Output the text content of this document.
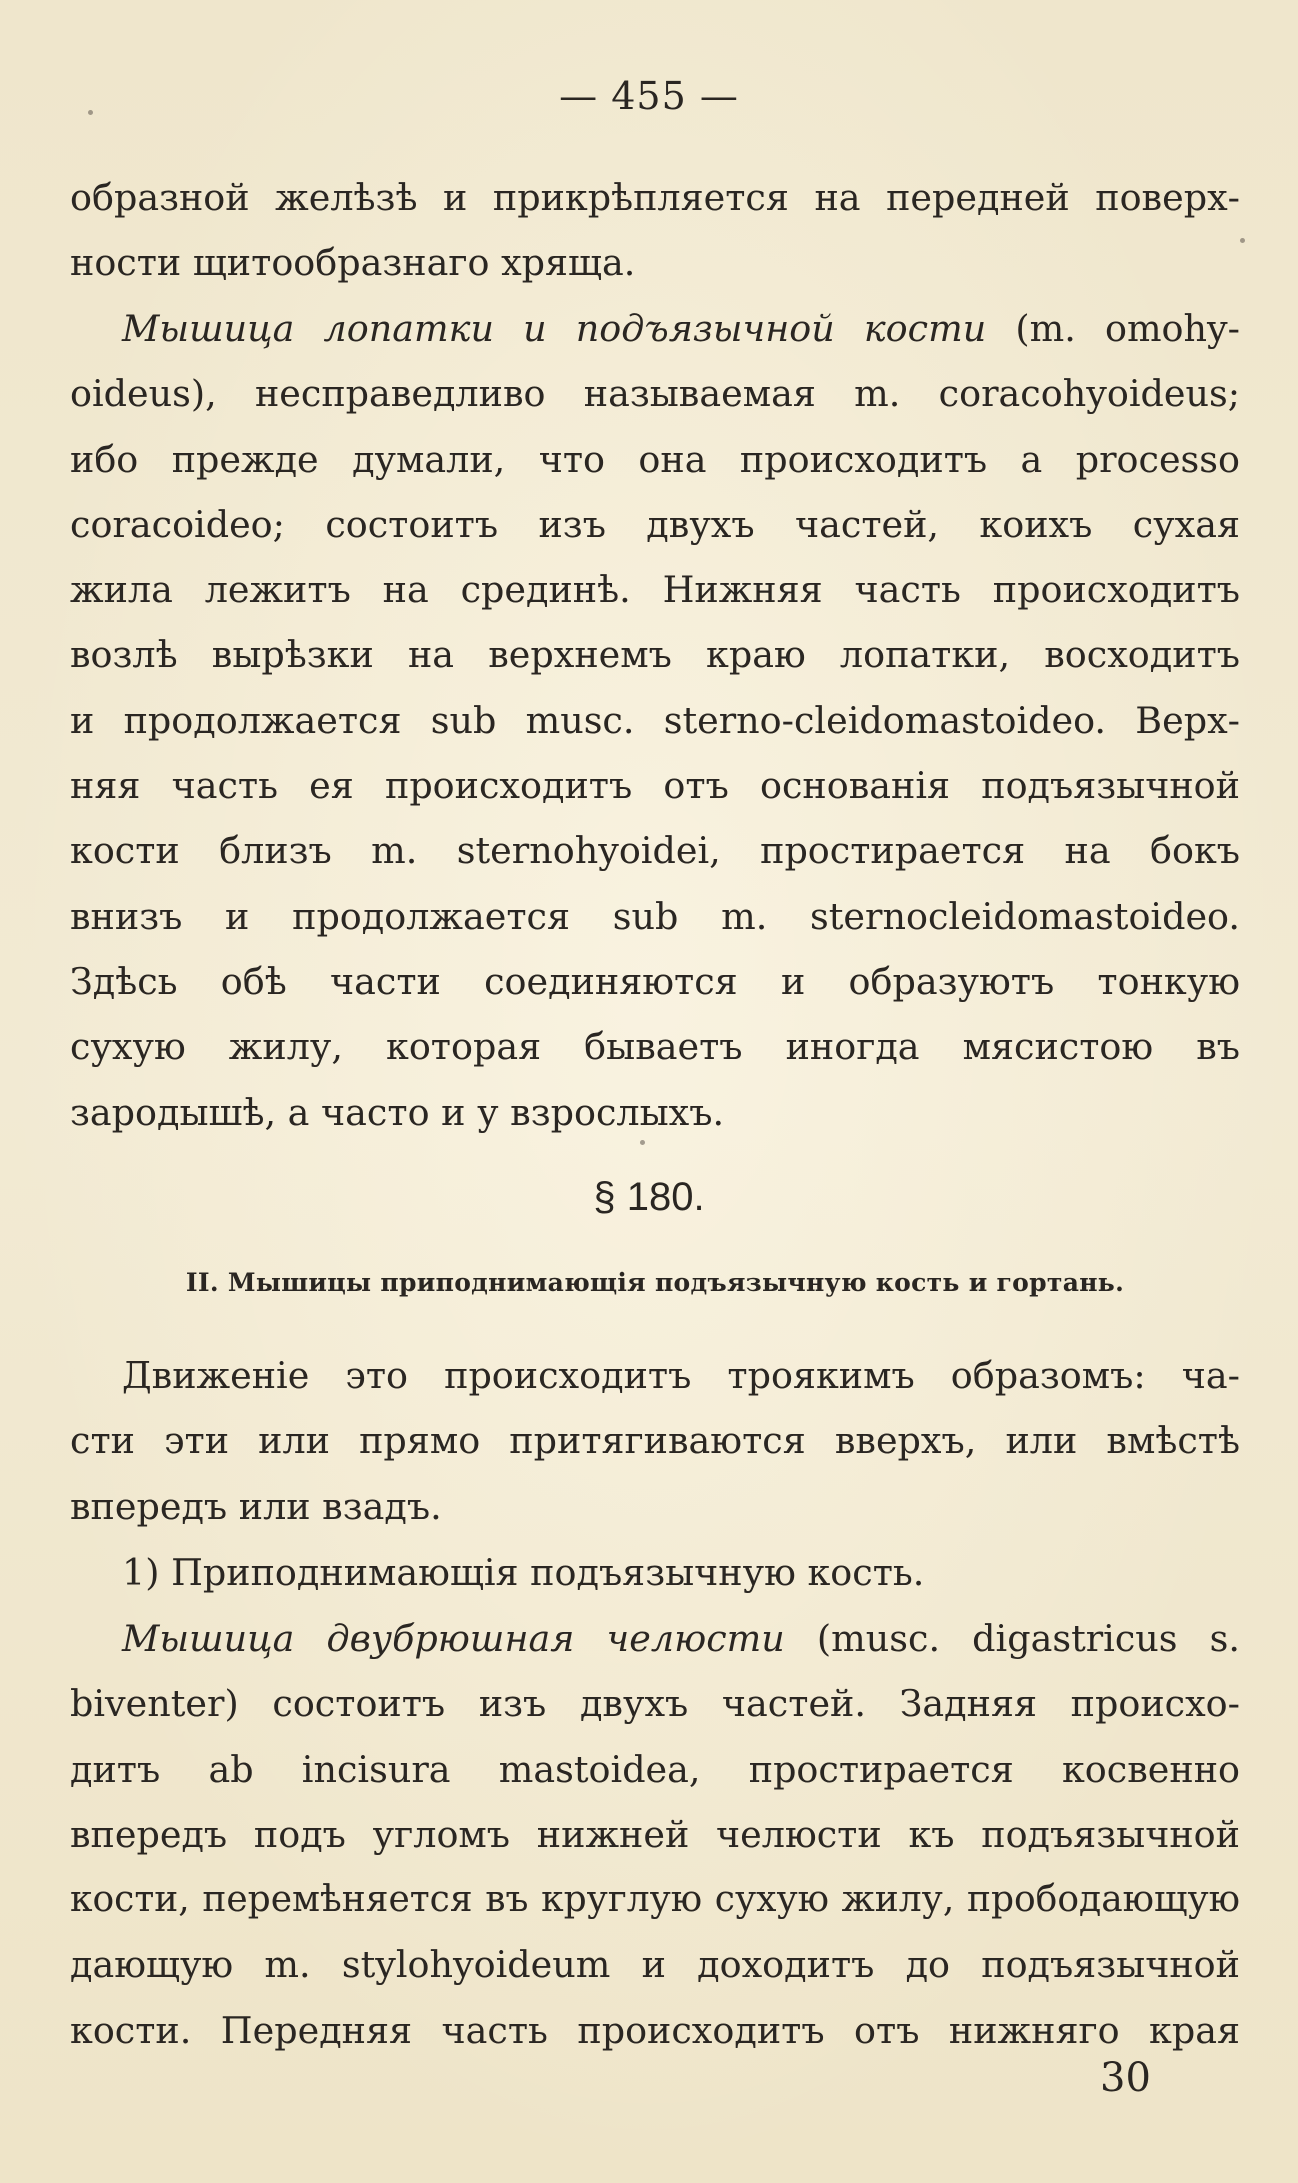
— 455 —
образной желѣзѣ и прикрѣпляется на передней поверх-
ности щитообразнаго хряща.
Мышица лопатки и подъязычной кости (m. omohy-
oideus), несправедливо называемая m. coracohyoideus;
ибо прежде думали, что она происходитъ a processo
coracoideo; состоитъ изъ двухъ частей, коихъ сухая
жила лежитъ на срединѣ. Нижняя часть происходитъ
возлѣ вырѣзки на верхнемъ краю лопатки, восходитъ
и продолжается sub musc. sterno-cleidomastoideo. Верх-
няя часть ея происходитъ отъ основанія подъязычной
кости близъ m. sternohyoidei, простирается на бокъ
внизъ и продолжается sub m. sternocleidomastoideo.
Здѣсь обѣ части соединяются и образуютъ тонкую
сухую жилу, которая бываетъ иногда мясистою въ
зародышѣ, а часто и у взрослыхъ.
§ 180.
II. Мышицы приподнимающія подъязычную кость и гортань.
Движеніе это происходитъ троякимъ образомъ: ча-
сти эти или прямо притягиваются вверхъ, или вмѣстѣ
впередъ или взадъ.
1) Приподнимающія подъязычную кость.
Мышица двубрюшная челюсти (musc. digastricus s.
biventer) состоитъ изъ двухъ частей. Задняя происхо-
дитъ ab incisura mastoidea, простирается косвенно
впередъ подъ угломъ нижней челюсти къ подъязычной
кости, перемѣняется въ круглую сухую жилу, прободающую
дающую m. stylohyoideum и доходитъ до подъязычной
кости. Передняя часть происходитъ отъ нижняго края
30
